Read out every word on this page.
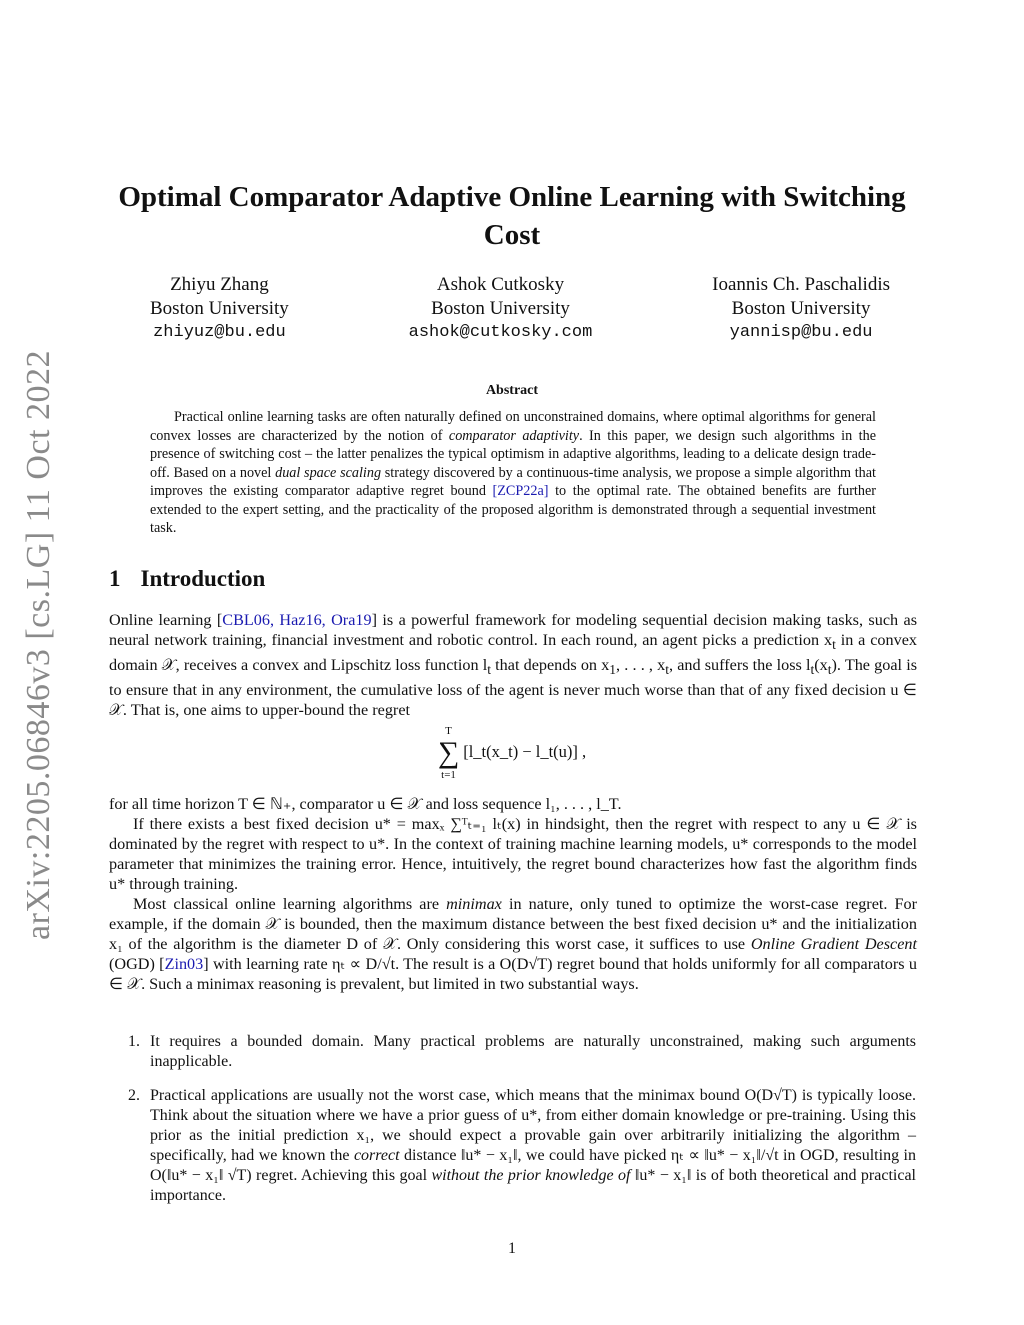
arXiv:2205.06846v3 [cs.LG] 11 Oct 2022
Optimal Comparator Adaptive Online Learning with Switching Cost
Zhiyu Zhang
Boston University
zhiyuz@bu.edu
Ashok Cutkosky
Boston University
ashok@cutkosky.com
Ioannis Ch. Paschalidis
Boston University
yannisp@bu.edu
Abstract
Practical online learning tasks are often naturally defined on unconstrained domains, where optimal algorithms for general convex losses are characterized by the notion of comparator adaptivity. In this paper, we design such algorithms in the presence of switching cost – the latter penalizes the typical optimism in adaptive algorithms, leading to a delicate design trade-off. Based on a novel dual space scaling strategy discovered by a continuous-time analysis, we propose a simple algorithm that improves the existing comparator adaptive regret bound [ZCP22a] to the optimal rate. The obtained benefits are further extended to the expert setting, and the practicality of the proposed algorithm is demonstrated through a sequential investment task.
1 Introduction

Online learning [CBL06, Haz16, Ora19] is a powerful framework for modeling sequential decision making tasks, such as neural network training, financial investment and robotic control. In each round, an agent picks a prediction $x_t$ in a convex domain 𝒳, receives a convex and Lipschitz loss function $l_t$ that depends on $x_1$, . . . , $x_t$, and suffers the loss $l_t(x_t)$. The goal is to ensure that in any environment, the cumulative loss of the agent is never much worse than that of any fixed decision u ∈ 𝒳. That is, one aims to upper-bound the regret

T
∑
t=1
[l_t(x_t) − l_t(u)] ,

for all time horizon T ∈ ℕ₊, comparator u ∈ 𝒳 and loss sequence l₁, . . . , l_T.

If there exists a best fixed decision u* = maxₓ ∑ᵀₜ₌₁ lₜ(x) in hindsight, then the regret with respect to any u ∈ 𝒳 is dominated by the regret with respect to u*. In the context of training machine learning models, u* corresponds to the model parameter that minimizes the training error. Hence, intuitively, the regret bound characterizes how fast the algorithm finds u* through training.

Most classical online learning algorithms are minimax in nature, only tuned to optimize the worst-case regret. For example, if the domain 𝒳 is bounded, then the maximum distance between the best fixed decision u* and the initialization x₁ of the algorithm is the diameter D of 𝒳. Only considering this worst case, it suffices to use Online Gradient Descent (OGD) [Zin03] with learning rate ηₜ ∝ D/√t. The result is a O(D√T) regret bound that holds uniformly for all comparators u ∈ 𝒳. Such a minimax reasoning is prevalent, but limited in two substantial ways.

1. It requires a bounded domain. Many practical problems are naturally unconstrained, making such arguments inapplicable.
2. Practical applications are usually not the worst case, which means that the minimax bound O(D√T) is typically loose. Think about the situation where we have a prior guess of u*, from either domain knowledge or pre-training. Using this prior as the initial prediction x₁, we should expect a provable gain over arbitrarily initializing the algorithm – specifically, had we known the correct distance ‖u* − x₁‖, we could have picked ηₜ ∝ ‖u* − x₁‖/√t in OGD, resulting in O(‖u* − x₁‖ √T) regret. Achieving this goal without the prior knowledge of ‖u* − x₁‖ is of both theoretical and practical importance.
1
